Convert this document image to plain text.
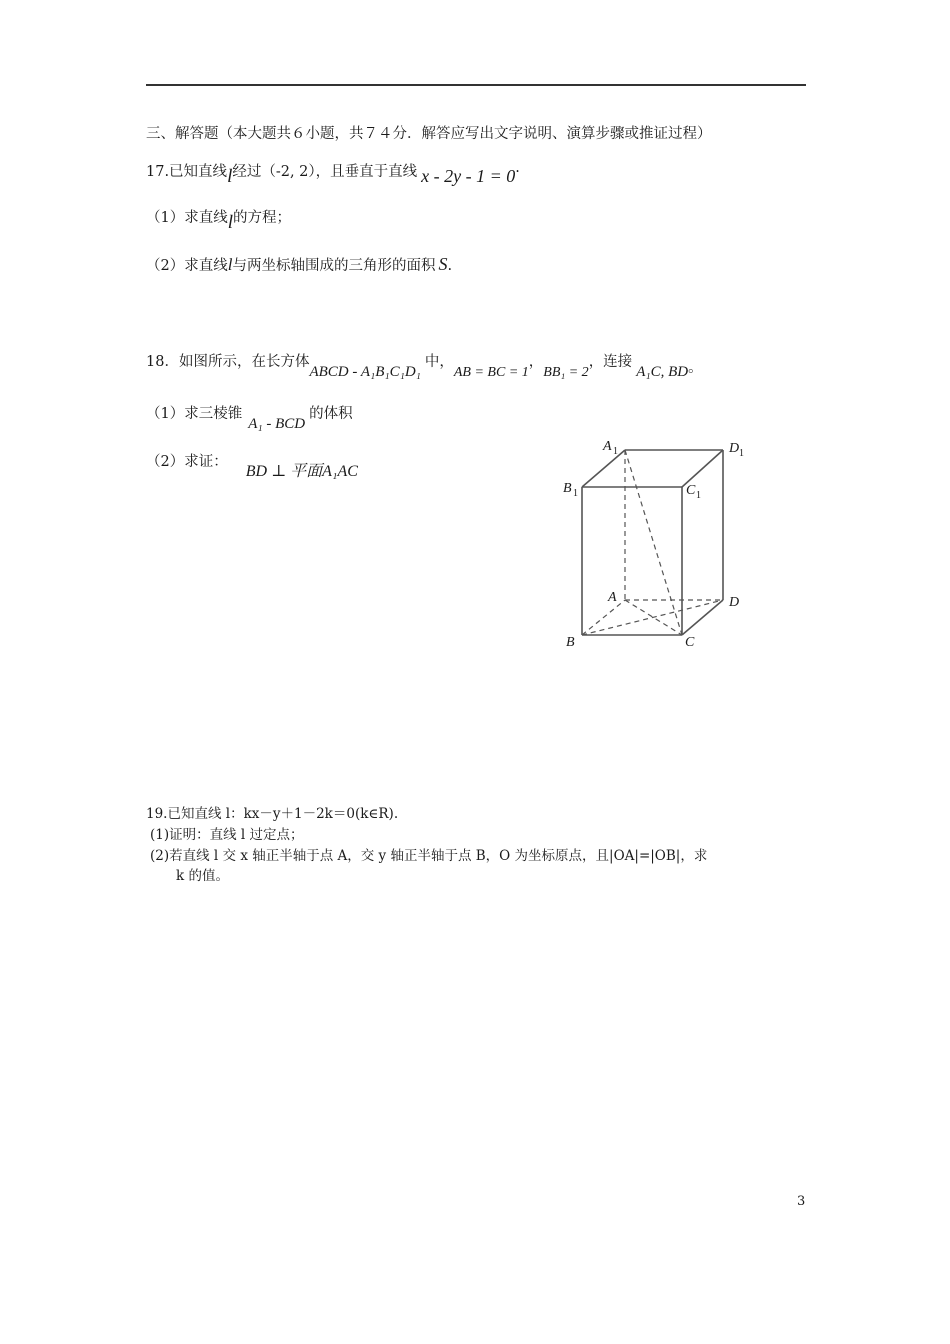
三、解答题（本大题共６小题，共７４分．解答应写出文字说明、演算步骤或推证过程）
17.已知直线l经过（-2, 2），且垂直于直线 x - 2y - 1 = 0·
（1）求直线l的方程；
（2）求直线l与两坐标轴围成的三角形的面积 S.
18．如图所示，在长方体ABCD - A₁B₁C₁D₁中，AB = BC = 1，BB₁ = 2，连接A₁C, BD。
（1）求三棱锥A₁ - BCD的体积
（2）求证：BD ⊥ 平面A₁AC
A 1	D 1
B 1	C 1
A	D
B	C
19.已知直线 l：kx－y＋1－2k＝0(k∈R).
(1)证明：直线 l 过定点；
(2)若直线 l 交 x 轴正半轴于点 A，交 y 轴正半轴于点 B，O 为坐标原点，且|OA|=|OB|，求
k 的值。
3
